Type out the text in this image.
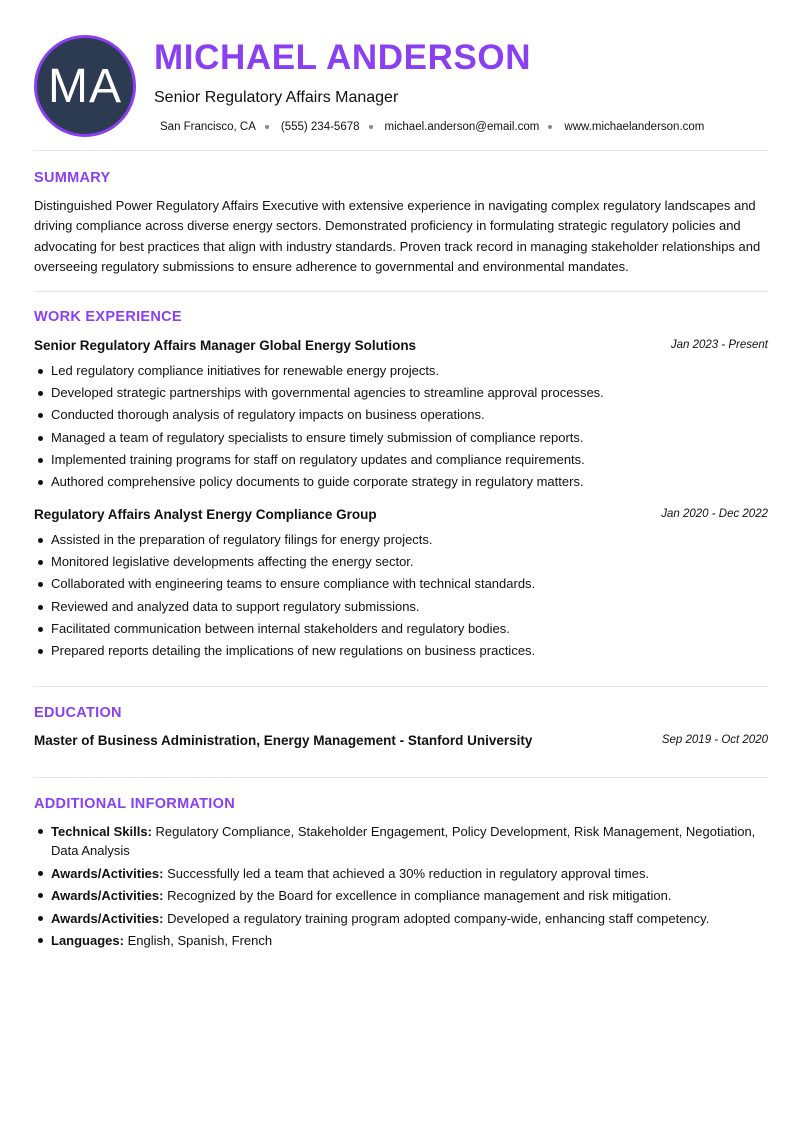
MA
MICHAEL ANDERSON
Senior Regulatory Affairs Manager
San Francisco, CA (555) 234-5678 michael.anderson@email.com www.michaelanderson.com
SUMMARY
Distinguished Power Regulatory Affairs Executive with extensive experience in navigating complex regulatory landscapes and driving compliance across diverse energy sectors. Demonstrated proficiency in formulating strategic regulatory policies and advocating for best practices that align with industry standards. Proven track record in managing stakeholder relationships and overseeing regulatory submissions to ensure adherence to governmental and environmental mandates.
WORK EXPERIENCE
Senior Regulatory Affairs Manager Global Energy Solutions	Jan 2023 - Present
Led regulatory compliance initiatives for renewable energy projects.
Developed strategic partnerships with governmental agencies to streamline approval processes.
Conducted thorough analysis of regulatory impacts on business operations.
Managed a team of regulatory specialists to ensure timely submission of compliance reports.
Implemented training programs for staff on regulatory updates and compliance requirements.
Authored comprehensive policy documents to guide corporate strategy in regulatory matters.
Regulatory Affairs Analyst Energy Compliance Group	Jan 2020 - Dec 2022
Assisted in the preparation of regulatory filings for energy projects.
Monitored legislative developments affecting the energy sector.
Collaborated with engineering teams to ensure compliance with technical standards.
Reviewed and analyzed data to support regulatory submissions.
Facilitated communication between internal stakeholders and regulatory bodies.
Prepared reports detailing the implications of new regulations on business practices.
EDUCATION
Master of Business Administration, Energy Management - Stanford University	Sep 2019 - Oct 2020
ADDITIONAL INFORMATION
Technical Skills: Regulatory Compliance, Stakeholder Engagement, Policy Development, Risk Management, Negotiation, Data Analysis
Awards/Activities: Successfully led a team that achieved a 30% reduction in regulatory approval times.
Awards/Activities: Recognized by the Board for excellence in compliance management and risk mitigation.
Awards/Activities: Developed a regulatory training program adopted company-wide, enhancing staff competency.
Languages: English, Spanish, French
